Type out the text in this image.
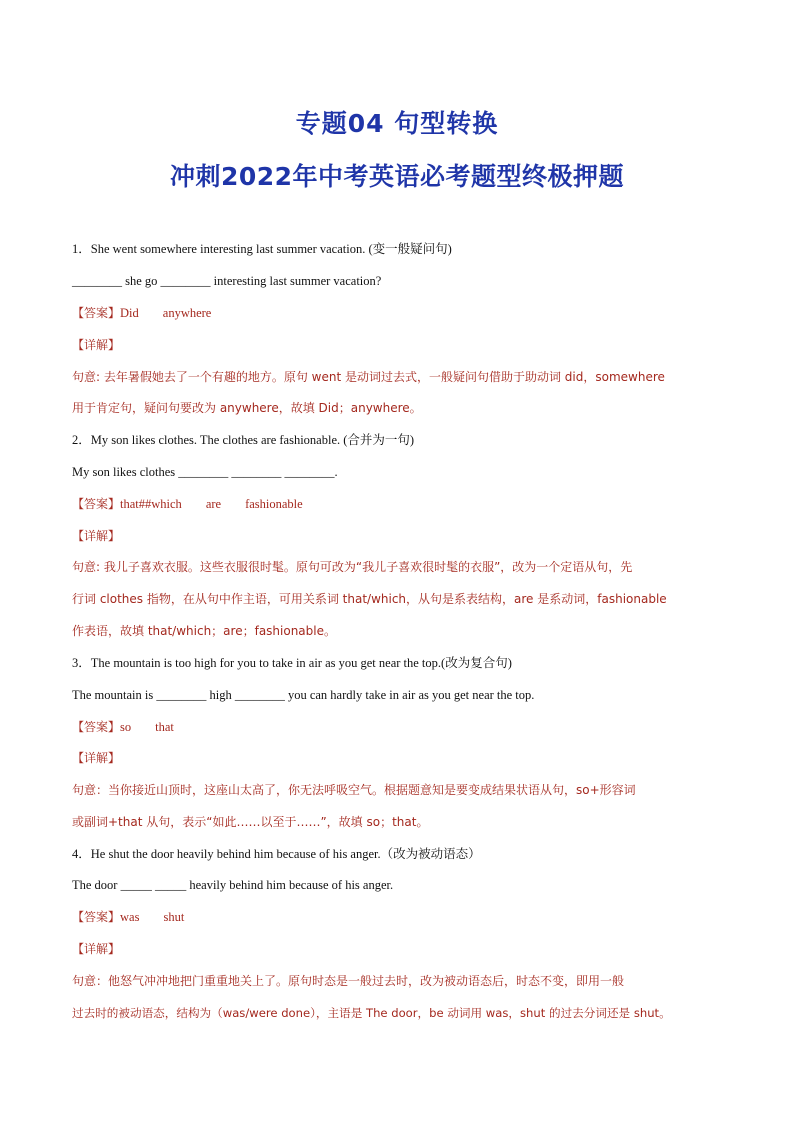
专题04 句型转换
冲刺2022年中考英语必考题型终极押题
1．She went somewhere interesting last summer vacation. (变一般疑问句)
________ she go ________ interesting last summer vacation?
【答案】Did anywhere
【详解】
句意: 去年暑假她去了一个有趣的地方。原句 went 是动词过去式，一般疑问句借助于助动词 did，somewhere
用于肯定句，疑问句要改为 anywhere，故填 Did；anywhere。
2．My son likes clothes. The clothes are fashionable. (合并为一句)
My son likes clothes ________ ________ ________.
【答案】that##which are fashionable
【详解】
句意: 我儿子喜欢衣服。这些衣服很时髦。原句可改为“我儿子喜欢很时髦的衣服”，改为一个定语从句，先
行词 clothes 指物，在从句中作主语，可用关系词 that/which，从句是系表结构，are 是系动词，fashionable
作表语，故填 that/which；are；fashionable。
3．The mountain is too high for you to take in air as you get near the top.(改为复合句)
The mountain is ________ high ________ you can hardly take in air as you get near the top.
【答案】so that
【详解】
句意：当你接近山顶时，这座山太高了，你无法呼吸空气。根据题意知是要变成结果状语从句，so+形容词
或副词+that 从句，表示“如此……以至于……”，故填 so；that。
4．He shut the door heavily behind him because of his anger.（改为被动语态）
The door _____ _____ heavily behind him because of his anger.
【答案】was shut
【详解】
句意：他怒气冲冲地把门重重地关上了。原句时态是一般过去时，改为被动语态后，时态不变，即用一般
过去时的被动语态，结构为（was/were done），主语是 The door，be 动词用 was，shut 的过去分词还是 shut。
